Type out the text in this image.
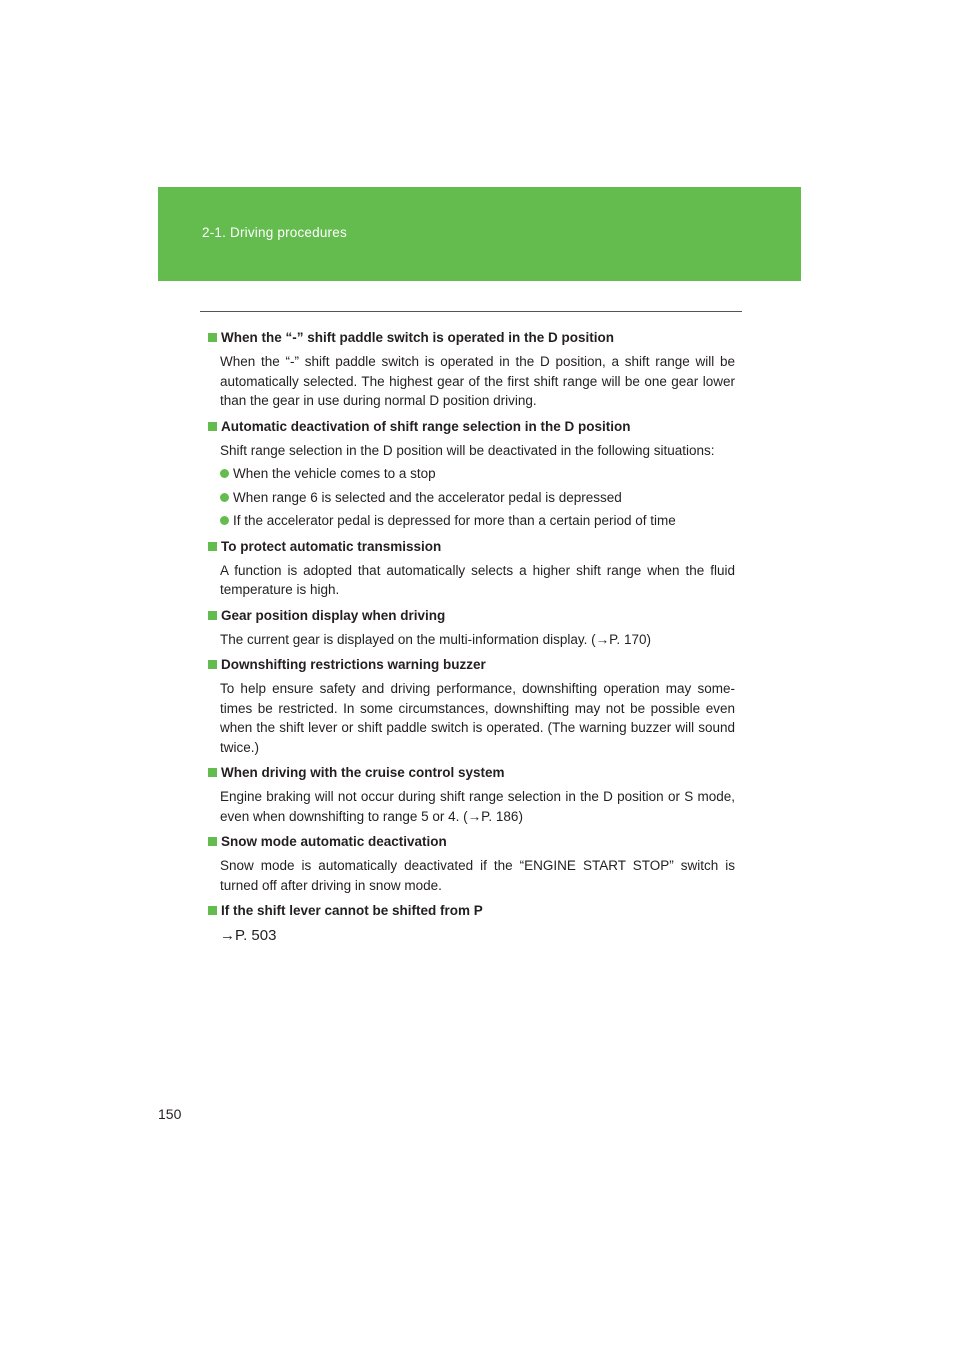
2-1. Driving procedures

When the “-” shift paddle switch is operated in the D position

When the “-” shift paddle switch is operated in the D position, a shift range will be automatically selected. The highest gear of the first shift range will be one gear lower than the gear in use during normal D position driving.

Automatic deactivation of shift range selection in the D position

Shift range selection in the D position will be deactivated in the following situations:

When the vehicle comes to a stop

When range 6 is selected and the accelerator pedal is depressed

If the accelerator pedal is depressed for more than a certain period of time

To protect automatic transmission

A function is adopted that automatically selects a higher shift range when the fluid temperature is high.

Gear position display when driving

The current gear is displayed on the multi-information display. (→P. 170)

Downshifting restrictions warning buzzer

To help ensure safety and driving performance, downshifting operation may some-times be restricted. In some circumstances, downshifting may not be possible even when the shift lever or shift paddle switch is operated. (The warning buzzer will sound twice.)

When driving with the cruise control system

Engine braking will not occur during shift range selection in the D position or S mode, even when downshifting to range 5 or 4. (→P. 186)

Snow mode automatic deactivation

Snow mode is automatically deactivated if the “ENGINE START STOP” switch is turned off after driving in snow mode.

If the shift lever cannot be shifted from P

→P. 503

150
